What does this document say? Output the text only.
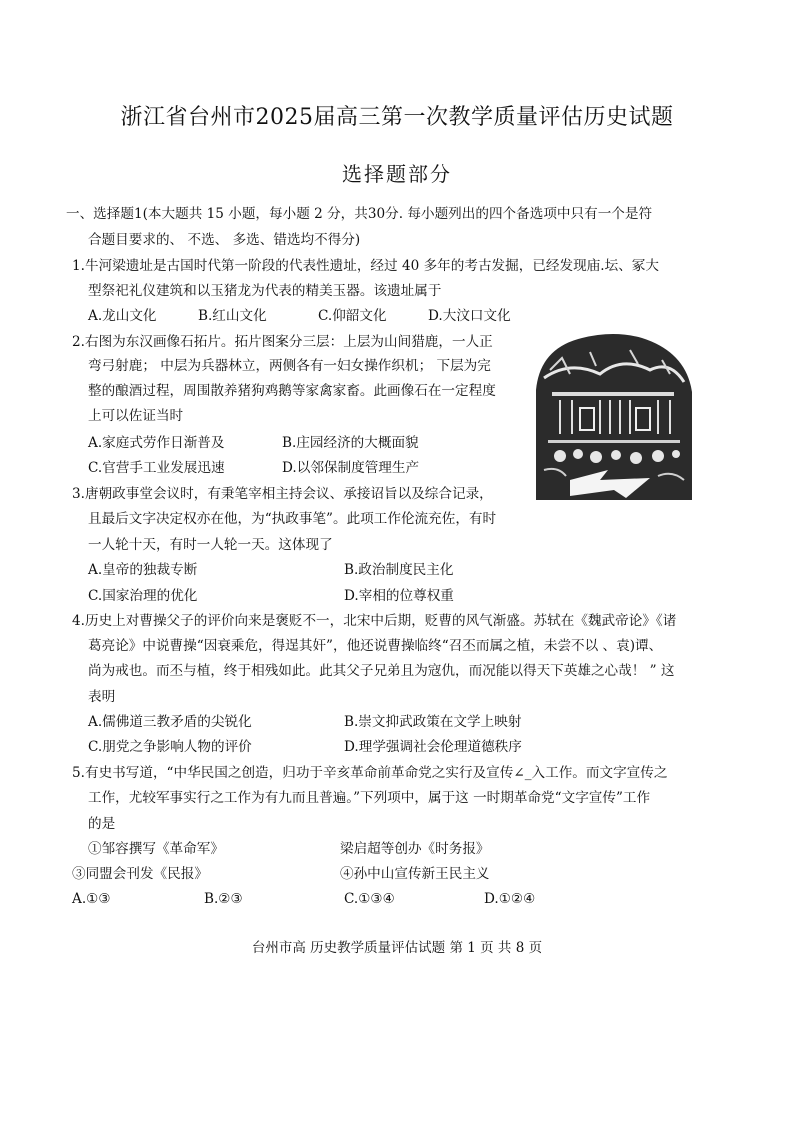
浙江省台州市2025届高三第一次教学质量评估历史试题
选择题部分
一、选择题1(本大题共 15 小题，每小题 2 分，共30分. 每小题列出的四个备选项中只有一个是符
合题目要求的、 不选、 多选、错选均不得分)
1.牛河梁遗址是古国时代第一阶段的代表性遗址，经过 40 多年的考古发掘，已经发现庙.坛、冢大
型祭祀礼仪建筑和以玉猪龙为代表的精美玉器。该遗址属于
A.龙山文化	B.红山文化	C.仰韶文化	D.大汶口文化
2.右图为东汉画像石拓片。拓片图案分三层：上层为山间猎鹿，一人正
弯弓射鹿； 中层为兵器林立，两侧各有一妇女操作织机； 下层为完
整的酿酒过程，周围散养猪狗鸡鹅等家禽家畜。此画像石在一定程度
上可以佐证当时
A.家庭式劳作日渐普及	B.庄园经济的大概面貌
C.官营手工业发展迅速	D.以邻保制度管理生产
3.唐朝政事堂会议时，有秉笔宰相主持会议、承接诏旨以及综合记录，
且最后文字决定权亦在他，为“执政事笔”。此项工作伦流充佐，有时
一人轮十天，有时一人轮一天。这体现了
A.皇帝的独裁专断	B.政治制度民主化
C.国家治理的优化	D.宰相的位尊权重
4.历史上对曹操父子的评价向来是褒贬不一，北宋中后期，贬曹的风气渐盛。苏轼在《魏武帝论》《诸
葛亮论》中说曹操“因衰乘危，得逞其奸”，他还说曹操临终“召丕而属之植，未尝不以 、袁)谭、
尚为戒也。而丕与植，终于相残如此。此其父子兄弟且为寇仇，而况能以得天下英雄之心哉！ ” 这
表明
A.儒佛道三教矛盾的尖锐化	B.崇文抑武政策在文学上映射
C.朋党之争影响人物的评价	D.理学强调社会伦理道德秩序
5.有史书写道，“中华民国之创造，归功于辛亥革命前革命党之实行及宣传∠_入工作。而文字宣传之
工作，尤较军事实行之工作为有九而且普遍。”下列项中，属于这 一时期革命党“文字宣传”工作
的是
①邹容撰写《革命军》	梁启超等创办《时务报》
③同盟会刊发《民报》	④孙中山宣传新王民主义
A.①③	B.②③	C.①③④	D.①②④
台州市高 历史教学质量评估试题 第 1 页 共 8 页
